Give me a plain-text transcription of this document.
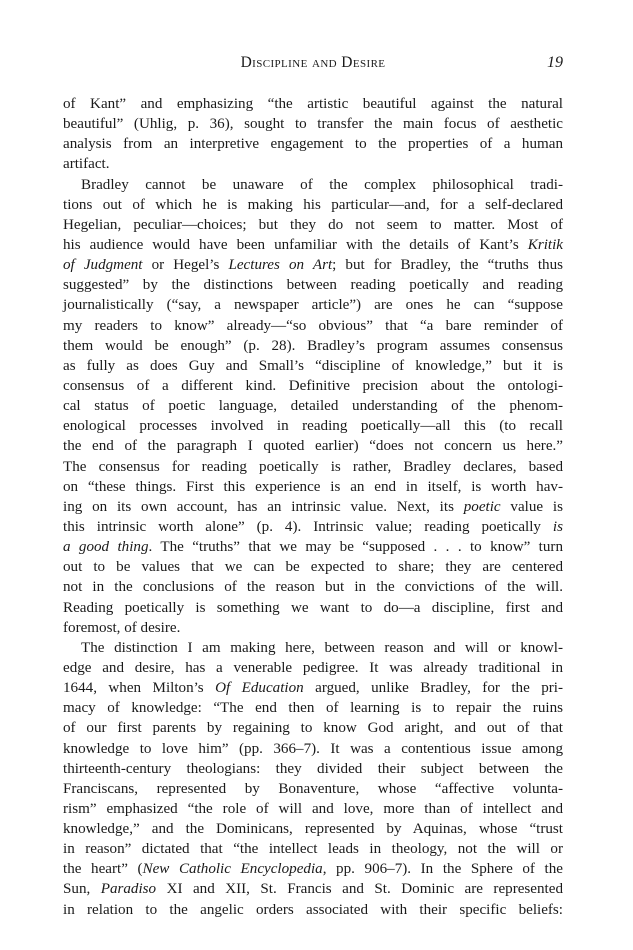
Discipline and Desire	19
of Kant” and emphasizing “the artistic beautiful against the natural
beautiful” (Uhlig, p. 36), sought to transfer the main focus of aesthetic
analysis from an interpretive engagement to the properties of a human
artifact.
Bradley cannot be unaware of the complex philosophical tradi-
tions out of which he is making his particular—and, for a self-declared
Hegelian, peculiar—choices; but they do not seem to matter. Most of
his audience would have been unfamiliar with the details of Kant’s Kritik
of Judgment or Hegel’s Lectures on Art; but for Bradley, the “truths thus
suggested” by the distinctions between reading poetically and reading
journalistically (“say, a newspaper article”) are ones he can “suppose
my readers to know” already—“so obvious” that “a bare reminder of
them would be enough” (p. 28). Bradley’s program assumes consensus
as fully as does Guy and Small’s “discipline of knowledge,” but it is
consensus of a different kind. Definitive precision about the ontologi-
cal status of poetic language, detailed understanding of the phenom-
enological processes involved in reading poetically—all this (to recall
the end of the paragraph I quoted earlier) “does not concern us here.”
The consensus for reading poetically is rather, Bradley declares, based
on “these things. First this experience is an end in itself, is worth hav-
ing on its own account, has an intrinsic value. Next, its poetic value is
this intrinsic worth alone” (p. 4). Intrinsic value; reading poetically is
a good thing. The “truths” that we may be “supposed . . . to know” turn
out to be values that we can be expected to share; they are centered
not in the conclusions of the reason but in the convictions of the will.
Reading poetically is something we want to do—a discipline, first and
foremost, of desire.
The distinction I am making here, between reason and will or knowl-
edge and desire, has a venerable pedigree. It was already traditional in
1644, when Milton’s Of Education argued, unlike Bradley, for the pri-
macy of knowledge: “The end then of learning is to repair the ruins
of our first parents by regaining to know God aright, and out of that
knowledge to love him” (pp. 366–7). It was a contentious issue among
thirteenth-century theologians: they divided their subject between the
Franciscans, represented by Bonaventure, whose “affective volunta-
rism” emphasized “the role of will and love, more than of intellect and
knowledge,” and the Dominicans, represented by Aquinas, whose “trust
in reason” dictated that “the intellect leads in theology, not the will or
the heart” (New Catholic Encyclopedia, pp. 906–7). In the Sphere of the
Sun, Paradiso XI and XII, St. Francis and St. Dominic are represented
in relation to the angelic orders associated with their specific beliefs:
